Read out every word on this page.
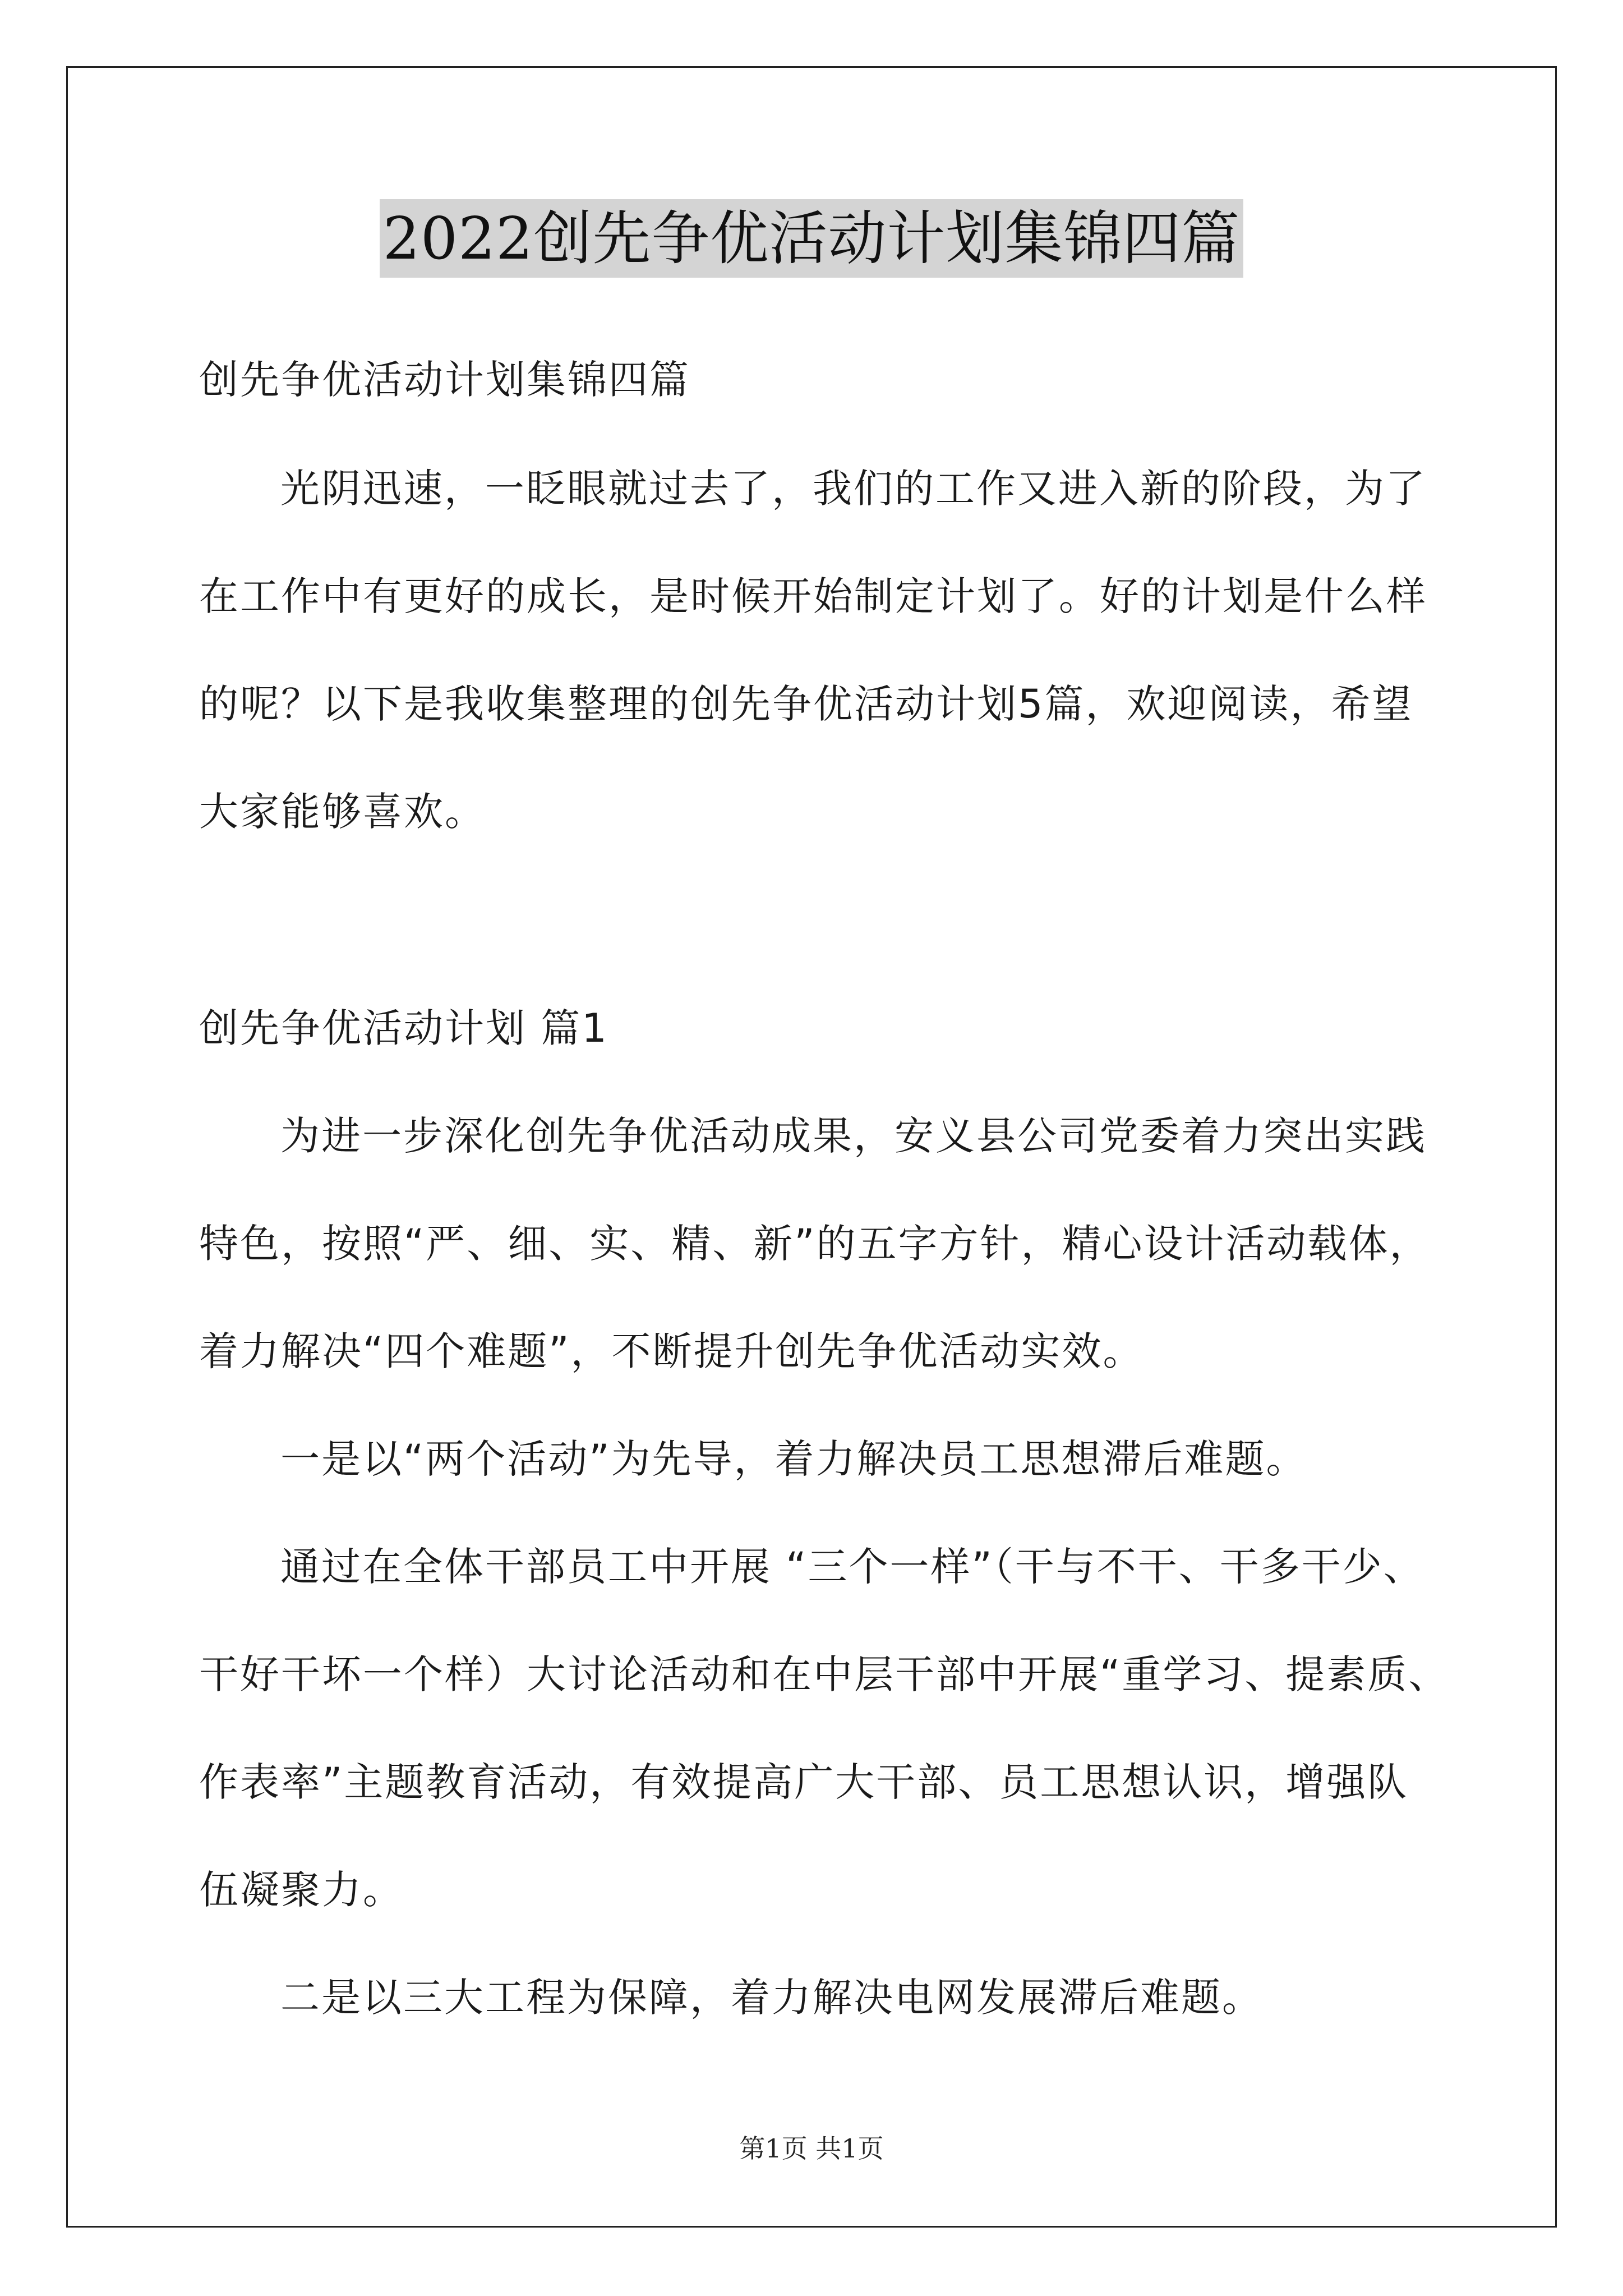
2022创先争优活动计划集锦四篇
创先争优活动计划集锦四篇
光阴迅速，一眨眼就过去了，我们的工作又进入新的阶段，为了
在工作中有更好的成长，是时候开始制定计划了。好的计划是什么样
的呢？以下是我收集整理的创先争优活动计划5篇，欢迎阅读，希望
大家能够喜欢。
创先争优活动计划 篇1
为进一步深化创先争优活动成果，安义县公司党委着力突出实践
特色，按照“严、细、实、精、新”的五字方针，精心设计活动载体，
着力解决“四个难题”，不断提升创先争优活动实效。
一是以“两个活动”为先导，着力解决员工思想滞后难题。
通过在全体干部员工中开展 “三个一样”（干与不干、干多干少、
干好干坏一个样）大讨论活动和在中层干部中开展“重学习、提素质、
作表率”主题教育活动，有效提高广大干部、员工思想认识，增强队
伍凝聚力。
二是以三大工程为保障，着力解决电网发展滞后难题。
第1页 共1页
